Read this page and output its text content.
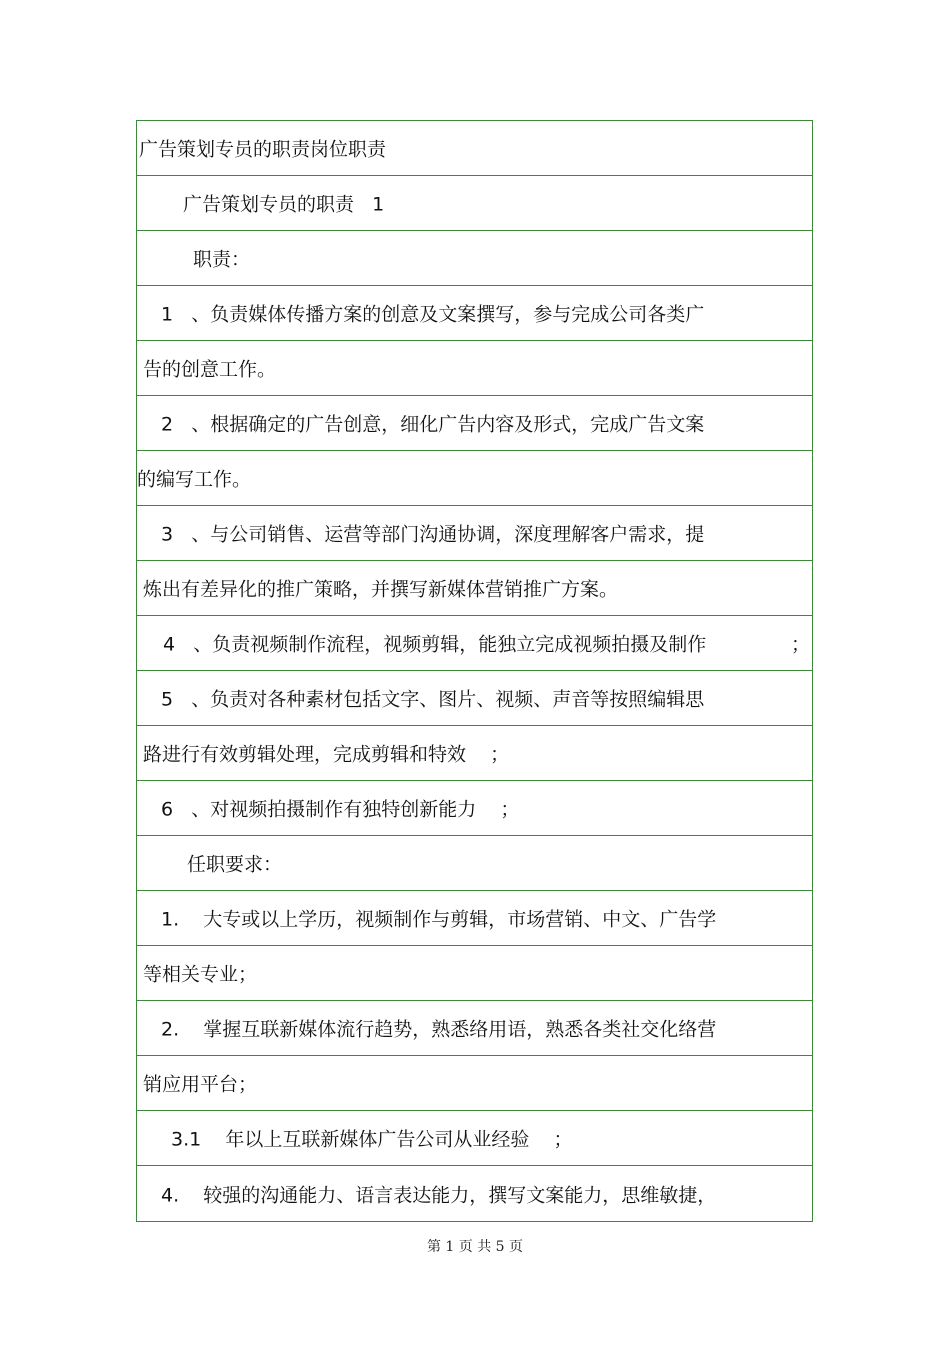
广告策划专员的职责岗位职责
广告策划专员的职责   1
职责：
1   、负责媒体传播方案的创意及文案撰写，参与完成公司各类广
告的创意工作。
2   、根据确定的广告创意，细化广告内容及形式，完成广告文案
的编写工作。
3   、与公司销售、运营等部门沟通协调，深度理解客户需求，提
炼出有差异化的推广策略，并撰写新媒体营销推广方案。
4   、负责视频制作流程，视频剪辑，能独立完成视频拍摄及制作	；
5   、负责对各种素材包括文字、图片、视频、声音等按照编辑思
路进行有效剪辑处理，完成剪辑和特效    ；
6   、对视频拍摄制作有独特创新能力    ；
任职要求：
1.    大专或以上学历，视频制作与剪辑，市场营销、中文、广告学
等相关专业；
2.    掌握互联新媒体流行趋势，熟悉络用语，熟悉各类社交化络营
销应用平台；
3.1    年以上互联新媒体广告公司从业经验    ；
4.    较强的沟通能力、语言表达能力，撰写文案能力，思维敏捷，
第 1 页 共 5 页
